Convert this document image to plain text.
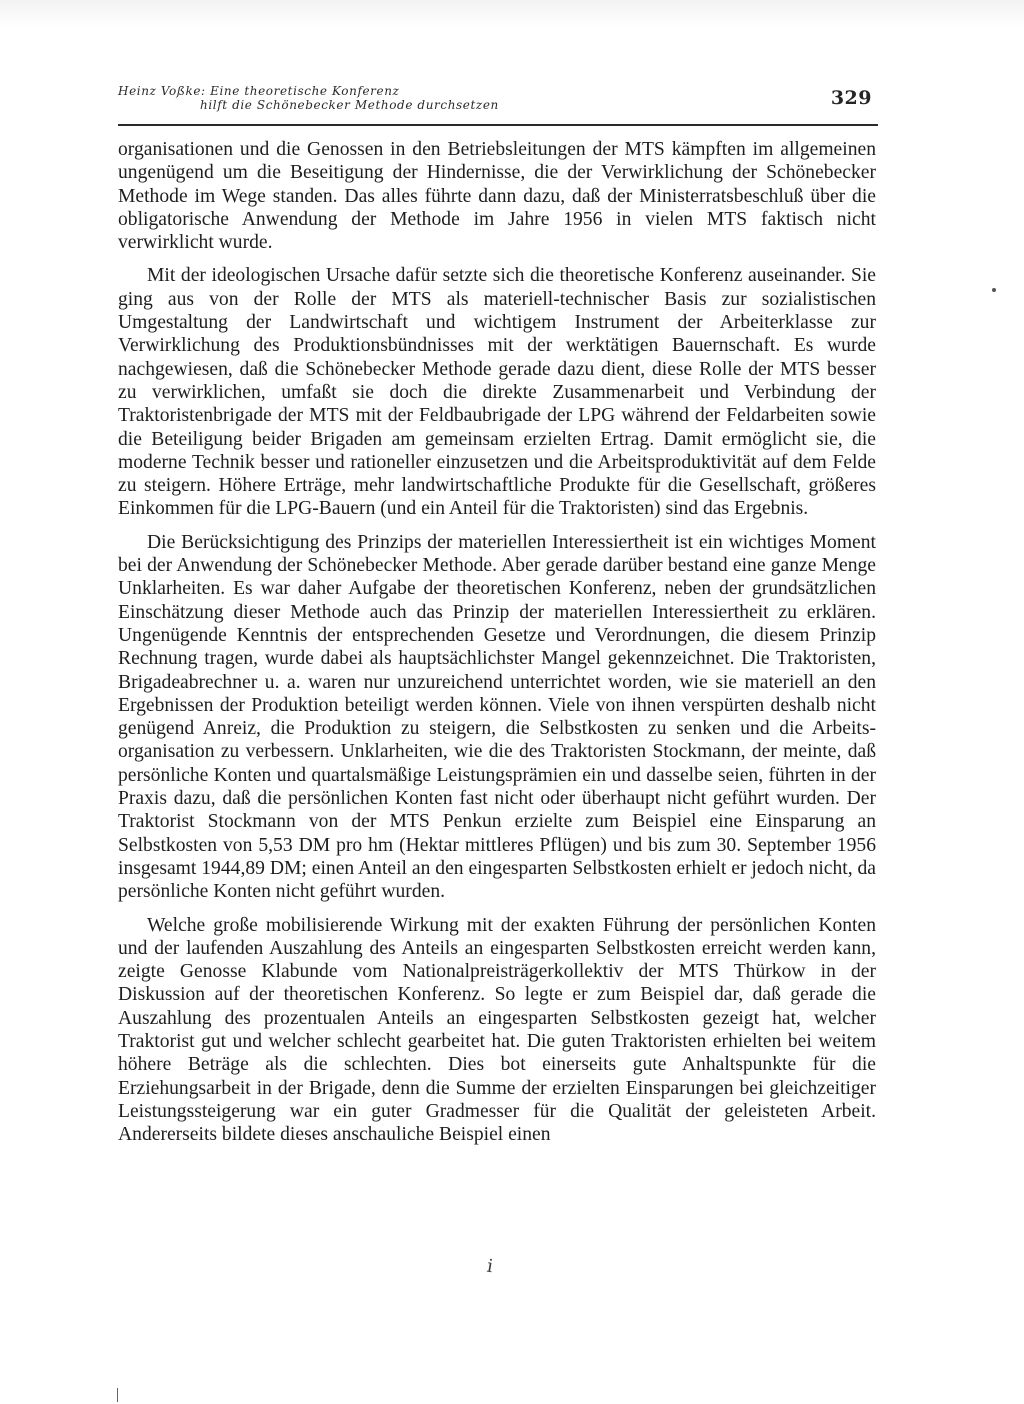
Heinz Voßke: Eine theoretische Konferenz
hilft die Schönebecker Methode durchsetzen	329

organisationen und die Genossen in den Betriebsleitungen der MTS kämpften im allgemeinen ungenügend um die Beseitigung der Hindernisse, die der Verwirklichung der Schönebecker Methode im Wege standen. Das alles führte dann dazu, daß der Ministerratsbeschluß über die obligatorische Anwendung der Methode im Jahre 1956 in vielen MTS faktisch nicht verwirklicht wurde.

Mit der ideologischen Ursache dafür setzte sich die theoretische Konferenz auseinander. Sie ging aus von der Rolle der MTS als materiell-technischer Basis zur sozialistischen Umgestaltung der Landwirtschaft und wichtigem Instrument der Arbeiterklasse zur Verwirklichung des Produktionsbündnisses mit der werktätigen Bauernschaft. Es wurde nachgewiesen, daß die Schönebecker Methode gerade dazu dient, diese Rolle der MTS besser zu verwirklichen, umfaßt sie doch die direkte Zusammenarbeit und Verbindung der Traktoristenbrigade der MTS mit der Feldbaubrigade der LPG während der Feldarbeiten sowie die Beteiligung beider Brigaden am gemeinsam erzielten Ertrag. Damit ermöglicht sie, die moderne Technik besser und rationeller einzusetzen und die Arbeitsproduktivität auf dem Felde zu steigern. Höhere Erträge, mehr landwirtschaftliche Produkte für die Gesellschaft, größeres Einkommen für die LPG-Bauern (und ein Anteil für die Traktoristen) sind das Ergebnis.

Die Berücksichtigung des Prinzips der materiellen Interessiertheit ist ein wichtiges Moment bei der Anwendung der Schönebecker Methode. Aber gerade darüber bestand eine ganze Menge Unklarheiten. Es war daher Aufgabe der theoretischen Konferenz, neben der grundsätzlichen Einschätzung dieser Methode auch das Prinzip der materiellen Interessiertheit zu erklären. Ungenügende Kenntnis der entsprechenden Gesetze und Verordnungen, die diesem Prinzip Rechnung tragen, wurde dabei als hauptsächlichster Mangel gekennzeichnet. Die Traktoristen, Brigadeabrechner u. a. waren nur unzureichend unterrichtet worden, wie sie materiell an den Ergebnissen der Produktion beteiligt werden können. Viele von ihnen verspürten deshalb nicht genügend Anreiz, die Produktion zu steigern, die Selbstkosten zu senken und die Arbeitsorganisation zu verbessern. Unklarheiten, wie die des Traktoristen Stockmann, der meinte, daß persönliche Konten und quartalsmäßige Leistungsprämien ein und dasselbe seien, führten in der Praxis dazu, daß die persönlichen Konten fast nicht oder überhaupt nicht geführt wurden. Der Traktorist Stockmann von der MTS Penkun erzielte zum Beispiel eine Einsparung an Selbstkosten von 5,53 DM pro hm (Hektar mittleres Pflügen) und bis zum 30. September 1956 insgesamt 1944,89 DM; einen Anteil an den eingesparten Selbstkosten erhielt er jedoch nicht, da persönliche Konten nicht geführt wurden.

Welche große mobilisierende Wirkung mit der exakten Führung der persönlichen Konten und der laufenden Auszahlung des Anteils an eingesparten Selbstkosten erreicht werden kann, zeigte Genosse Klabunde vom Nationalpreisträgerkollektiv der MTS Thürkow in der Diskussion auf der theoretischen Konferenz. So legte er zum Beispiel dar, daß gerade die Auszahlung des prozentualen Anteils an eingesparten Selbstkosten gezeigt hat, welcher Traktorist gut und welcher schlecht gearbeitet hat. Die guten Traktoristen erhielten bei weitem höhere Beträge als die schlechten. Dies bot einerseits gute Anhaltspunkte für die Erziehungsarbeit in der Brigade, denn die Summe der erzielten Einsparungen bei gleichzeitiger Leistungssteigerung war ein guter Gradmesser für die Qualität der geleisteten Arbeit. Andererseits bildete dieses anschauliche Beispiel einen

ⅰ
